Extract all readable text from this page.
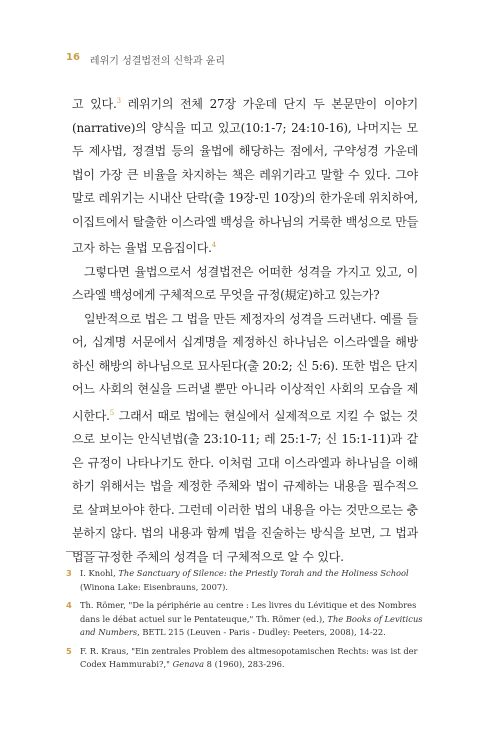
16 레위기 성결법전의 신학과 윤리

고 있다.$^3$ 레위기의 전체 27장 가운데 단지 두 본문만이 이야기(narrative)의 양식을 띠고 있고(10:1-7; 24:10-16), 나머지는 모두 제사법, 정결법 등의 율법에 해당하는 점에서, 구약성경 가운데 법이 가장 큰 비율을 차지하는 책은 레위기라고 말할 수 있다. 그야말로 레위기는 시내산 단락(출 19장-민 10장)의 한가운데 위치하여, 이집트에서 탈출한 이스라엘 백성을 하나님의 거룩한 백성으로 만들고자 하는 율법 모음집이다.$^4$

그렇다면 율법으로서 성결법전은 어떠한 성격을 가지고 있고, 이스라엘 백성에게 구체적으로 무엇을 규정(規定)하고 있는가?

일반적으로 법은 그 법을 만든 제정자의 성격을 드러낸다. 예를 들어, 십계명 서문에서 십계명을 제정하신 하나님은 이스라엘을 해방하신 해방의 하나님으로 묘사된다(출 20:2; 신 5:6). 또한 법은 단지 어느 사회의 현실을 드러낼 뿐만 아니라 이상적인 사회의 모습을 제시한다.$^5$ 그래서 때로 법에는 현실에서 실제적으로 지킬 수 없는 것으로 보이는 안식년법(출 23:10-11; 레 25:1-7; 신 15:1-11)과 같은 규정이 나타나기도 한다. 이처럼 고대 이스라엘과 하나님을 이해하기 위해서는 법을 제정한 주체와 법이 규제하는 내용을 필수적으로 살펴보아야 한다. 그런데 이러한 법의 내용을 아는 것만으로는 충분하지 않다. 법의 내용과 함께 법을 진술하는 방식을 보면, 그 법과 법을 규정한 주체의 성격을 더 구체적으로 알 수 있다.

3 I. Knohl, The Sanctuary of Silence: the Priestly Torah and the Holiness School (Winona Lake: Eisenbrauns, 2007).
4 Th. Römer, "De la périphérie au centre : Les livres du Lévitique et des Nombres dans le débat actuel sur le Pentateuque," Th. Römer (ed.), The Books of Leviticus and Numbers, BETL 215 (Leuven - Paris - Dudley: Peeters, 2008), 14-22.
5 F. R. Kraus, "Ein zentrales Problem des altmesopotamischen Rechts: was ist der Codex Hammurabi?," Genava 8 (1960), 283-296.
